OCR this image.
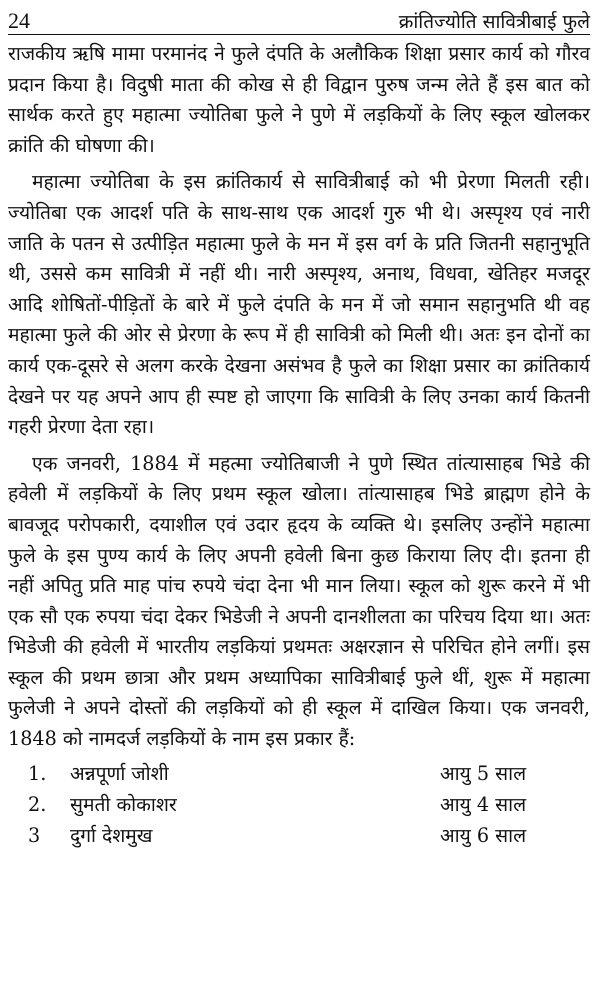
24	क्रांतिज्योति सावित्रीबाई फुले

राजकीय ऋषि मामा परमानंद ने फुले दंपति के अलौकिक शिक्षा प्रसार कार्य को गौरव प्रदान किया है। विदुषी माता की कोख से ही विद्वान पुरुष जन्म लेते हैं इस बात को सार्थक करते हुए महात्मा ज्योतिबा फुले ने पुणे में लड़कियों के लिए स्कूल खोलकर क्रांति की घोषणा की।

महात्मा ज्योतिबा के इस क्रांतिकार्य से सावित्रीबाई को भी प्रेरणा मिलती रही। ज्योतिबा एक आदर्श पति के साथ-साथ एक आदर्श गुरु भी थे। अस्पृश्य एवं नारी जाति के पतन से उत्पीड़ित महात्मा फुले के मन में इस वर्ग के प्रति जितनी सहानुभूति थी, उससे कम सावित्री में नहीं थी। नारी अस्पृश्य, अनाथ, विधवा, खेतिहर मजदूर आदि शोषितों-पीड़ितों के बारे में फुले दंपति के मन में जो समान सहानुभति थी वह महात्मा फुले की ओर से प्रेरणा के रूप में ही सावित्री को मिली थी। अतः इन दोनों का कार्य एक-दूसरे से अलग करके देखना असंभव है फुले का शिक्षा प्रसार का क्रांतिकार्य देखने पर यह अपने आप ही स्पष्ट हो जाएगा कि सावित्री के लिए उनका कार्य कितनी गहरी प्रेरणा देता रहा।

एक जनवरी, 1884 में महत्मा ज्योतिबाजी ने पुणे स्थित तांत्यासाहब भिडे की हवेली में लड़कियों के लिए प्रथम स्कूल खोला। तांत्यासाहब भिडे ब्राह्मण होने के बावजूद परोपकारी, दयाशील एवं उदार हृदय के व्यक्ति थे। इसलिए उन्होंने महात्मा फुले के इस पुण्य कार्य के लिए अपनी हवेली बिना कुछ किराया लिए दी। इतना ही नहीं अपितु प्रति माह पांच रुपये चंदा देना भी मान लिया। स्कूल को शुरू करने में भी एक सौ एक रुपया चंदा देकर भिडेजी ने अपनी दानशीलता का परिचय दिया था। अतः भिडेजी की हवेली में भारतीय लड़कियां प्रथमतः अक्षरज्ञान से परिचित होने लगीं। इस स्कूल की प्रथम छात्रा और प्रथम अध्यापिका सावित्रीबाई फुले थीं, शुरू में महात्मा फुलेजी ने अपने दोस्तों की लड़कियों को ही स्कूल में दाखिल किया। एक जनवरी, 1848 को नामदर्ज लड़कियों के नाम इस प्रकार हैं:

1.	अन्नपूर्णा जोशी	आयु 5 साल
2.	सुमती कोकाशर	आयु 4 साल
3	दुर्गा देशमुख	आयु 6 साल
